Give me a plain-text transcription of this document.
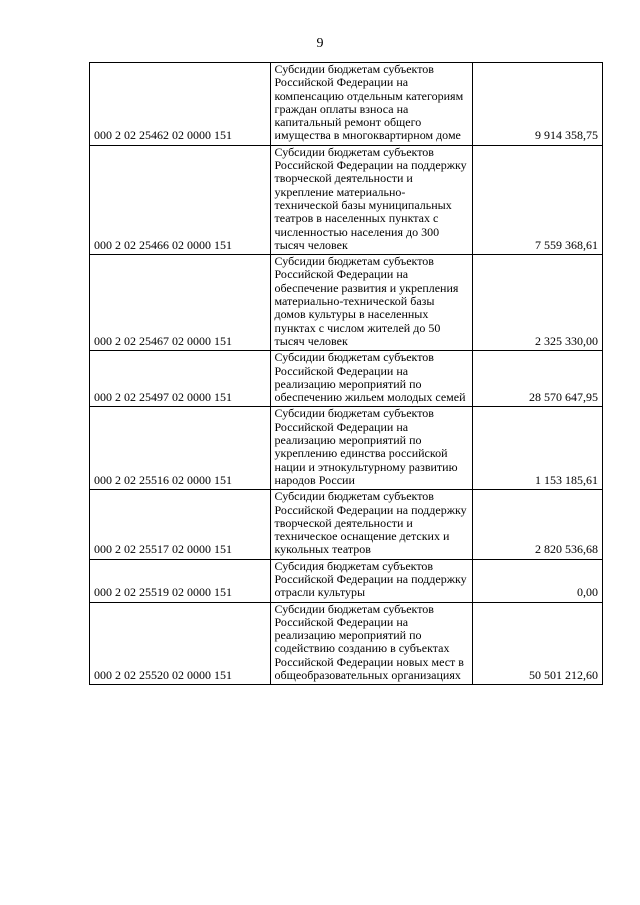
9
000 2 02 25462 02 0000 151	Субсидии бюджетам субъектов Российской Федерации на компенсацию отдельным категориям граждан оплаты взноса на капитальный ремонт общего имущества в многоквартирном доме	9 914 358,75
000 2 02 25466 02 0000 151	Субсидии бюджетам субъектов Российской Федерации на поддержку творческой деятельности и укрепление материально-технической базы муниципальных театров в населенных пунктах с численностью населения до 300 тысяч человек	7 559 368,61
000 2 02 25467 02 0000 151	Субсидии бюджетам субъектов Российской Федерации на обеспечение развития и укрепления материально-технической базы домов культуры в населенных пунктах с числом жителей до 50 тысяч человек	2 325 330,00
000 2 02 25497 02 0000 151	Субсидии бюджетам субъектов Российской Федерации на реализацию мероприятий по обеспечению жильем молодых семей	28 570 647,95
000 2 02 25516 02 0000 151	Субсидии бюджетам субъектов Российской Федерации на реализацию мероприятий по укреплению единства российской нации и этнокультурному развитию народов России	1 153 185,61
000 2 02 25517 02 0000 151	Субсидии бюджетам субъектов Российской Федерации на поддержку творческой деятельности и техническое оснащение детских и кукольных театров	2 820 536,68
000 2 02 25519 02 0000 151	Субсидия бюджетам субъектов Российской Федерации на поддержку отрасли культуры	0,00
000 2 02 25520 02 0000 151	Субсидии бюджетам субъектов Российской Федерации на реализацию мероприятий по содействию созданию в субъектах Российской Федерации новых мест в общеобразовательных организациях	50 501 212,60
